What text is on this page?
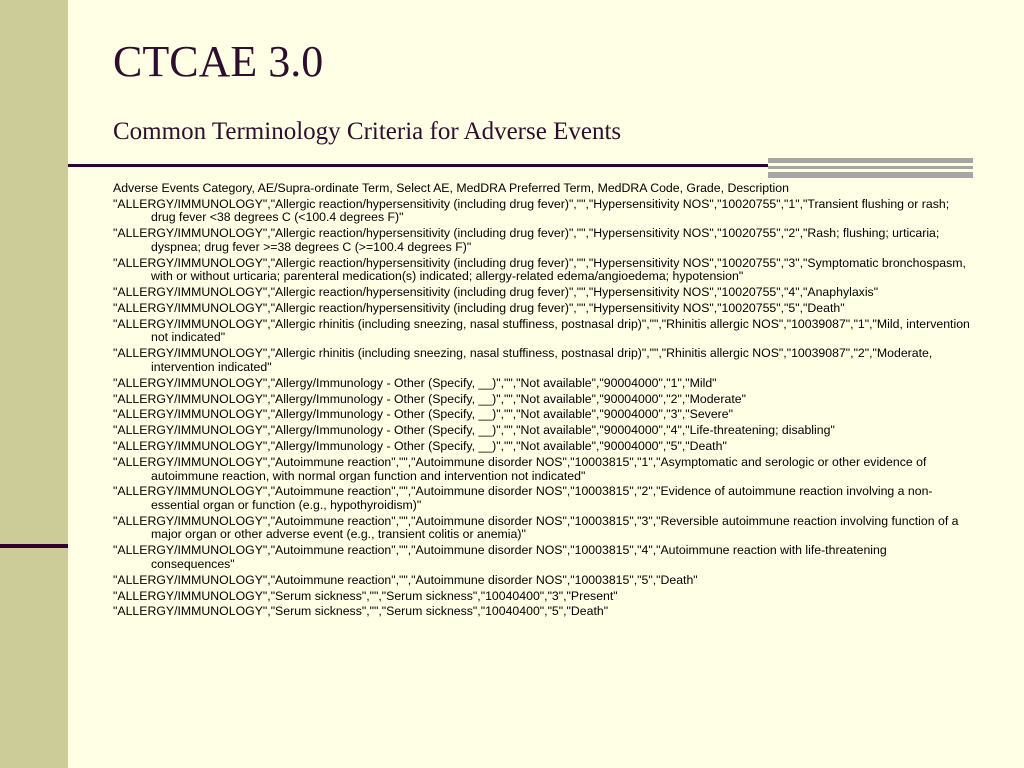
CTCAE 3.0
Common Terminology Criteria for Adverse Events

Adverse Events Category, AE/Supra-ordinate Term, Select AE, MedDRA Preferred Term, MedDRA Code, Grade, Description

"ALLERGY/IMMUNOLOGY","Allergic reaction/hypersensitivity (including drug fever)","","Hypersensitivity NOS","10020755","1","Transient flushing or rash; drug fever <38 degrees C (<100.4 degrees F)"

"ALLERGY/IMMUNOLOGY","Allergic reaction/hypersensitivity (including drug fever)","","Hypersensitivity NOS","10020755","2","Rash; flushing; urticaria; dyspnea; drug fever >=38 degrees C (>=100.4 degrees F)"

"ALLERGY/IMMUNOLOGY","Allergic reaction/hypersensitivity (including drug fever)","","Hypersensitivity NOS","10020755","3","Symptomatic bronchospasm, with or without urticaria; parenteral medication(s) indicated; allergy-related edema/angioedema; hypotension"

"ALLERGY/IMMUNOLOGY","Allergic reaction/hypersensitivity (including drug fever)","","Hypersensitivity NOS","10020755","4","Anaphylaxis"

"ALLERGY/IMMUNOLOGY","Allergic reaction/hypersensitivity (including drug fever)","","Hypersensitivity NOS","10020755","5","Death"

"ALLERGY/IMMUNOLOGY","Allergic rhinitis (including sneezing, nasal stuffiness, postnasal drip)","","Rhinitis allergic NOS","10039087","1","Mild, intervention not indicated"

"ALLERGY/IMMUNOLOGY","Allergic rhinitis (including sneezing, nasal stuffiness, postnasal drip)","","Rhinitis allergic NOS","10039087","2","Moderate, intervention indicated"

"ALLERGY/IMMUNOLOGY","Allergy/Immunology - Other (Specify, __)","","Not available","90004000","1","Mild"

"ALLERGY/IMMUNOLOGY","Allergy/Immunology - Other (Specify, __)","","Not available","90004000","2","Moderate"

"ALLERGY/IMMUNOLOGY","Allergy/Immunology - Other (Specify, __)","","Not available","90004000","3","Severe"

"ALLERGY/IMMUNOLOGY","Allergy/Immunology - Other (Specify, __)","","Not available","90004000","4","Life-threatening; disabling"

"ALLERGY/IMMUNOLOGY","Allergy/Immunology - Other (Specify, __)","","Not available","90004000","5","Death"

"ALLERGY/IMMUNOLOGY","Autoimmune reaction","","Autoimmune disorder NOS","10003815","1","Asymptomatic and serologic or other evidence of autoimmune reaction, with normal organ function and intervention not indicated"

"ALLERGY/IMMUNOLOGY","Autoimmune reaction","","Autoimmune disorder NOS","10003815","2","Evidence of autoimmune reaction involving a non-essential organ or function (e.g., hypothyroidism)"

"ALLERGY/IMMUNOLOGY","Autoimmune reaction","","Autoimmune disorder NOS","10003815","3","Reversible autoimmune reaction involving function of a major organ or other adverse event (e.g., transient colitis or anemia)"

"ALLERGY/IMMUNOLOGY","Autoimmune reaction","","Autoimmune disorder NOS","10003815","4","Autoimmune reaction with life-threatening consequences"

"ALLERGY/IMMUNOLOGY","Autoimmune reaction","","Autoimmune disorder NOS","10003815","5","Death"

"ALLERGY/IMMUNOLOGY","Serum sickness","","Serum sickness","10040400","3","Present"

"ALLERGY/IMMUNOLOGY","Serum sickness","","Serum sickness","10040400","5","Death"
